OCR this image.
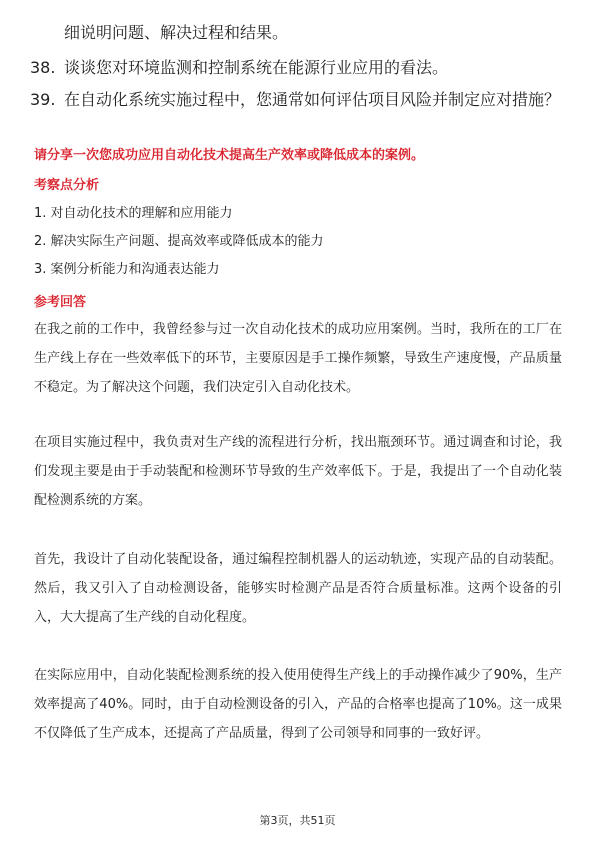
细说明问题、解决过程和结果。
38. 谈谈您对环境监测和控制系统在能源行业应用的看法。
39. 在自动化系统实施过程中，您通常如何评估项目风险并制定应对措施？
请分享一次您成功应用自动化技术提高生产效率或降低成本的案例。
考察点分析
1. 对自动化技术的理解和应用能力
2. 解决实际生产问题、提高效率或降低成本的能力
3. 案例分析能力和沟通表达能力
参考回答
在我之前的工作中，我曾经参与过一次自动化技术的成功应用案例。当时，我所在的工厂在生产线上存在一些效率低下的环节，主要原因是手工操作频繁，导致生产速度慢，产品质量不稳定。为了解决这个问题，我们决定引入自动化技术。
在项目实施过程中，我负责对生产线的流程进行分析，找出瓶颈环节。通过调查和讨论，我们发现主要是由于手动装配和检测环节导致的生产效率低下。于是，我提出了一个自动化装配检测系统的方案。
首先，我设计了自动化装配设备，通过编程控制机器人的运动轨迹，实现产品的自动装配。然后，我又引入了自动检测设备，能够实时检测产品是否符合质量标准。这两个设备的引入，大大提高了生产线的自动化程度。
在实际应用中，自动化装配检测系统的投入使用使得生产线上的手动操作减少了90%，生产效率提高了40%。同时，由于自动检测设备的引入，产品的合格率也提高了10%。这一成果不仅降低了生产成本，还提高了产品质量，得到了公司领导和同事的一致好评。
第3页，共51页
